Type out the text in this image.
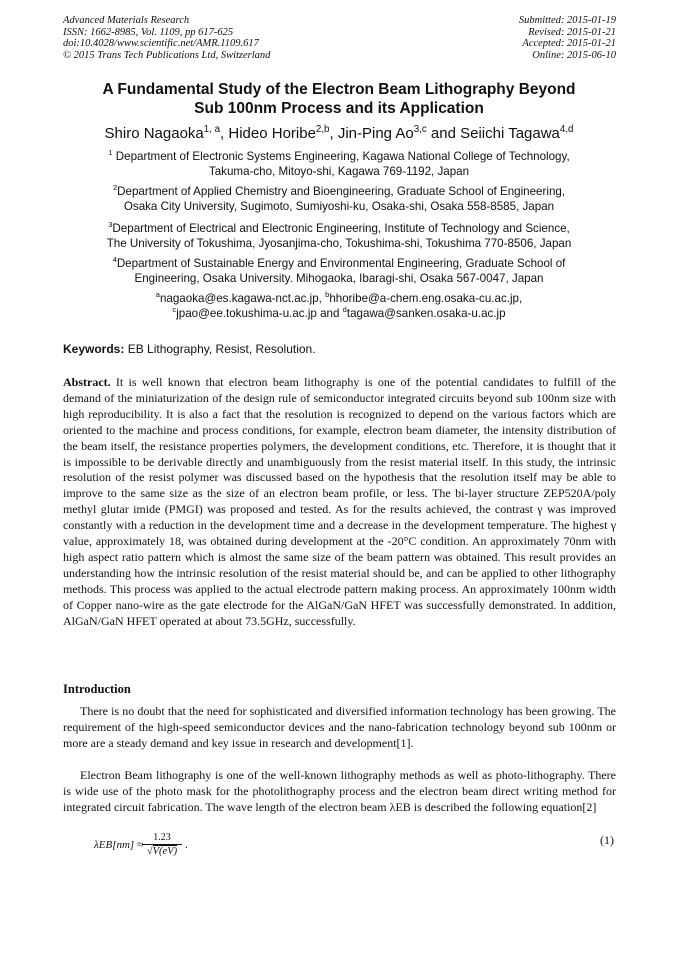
Advanced Materials Research
ISSN: 1662-8985, Vol. 1109, pp 617-625
doi:10.4028/www.scientific.net/AMR.1109.617
© 2015 Trans Tech Publications Ltd, Switzerland
Submitted: 2015-01-19
Revised: 2015-01-21
Accepted: 2015-01-21
Online: 2015-06-10
A Fundamental Study of the Electron Beam Lithography Beyond
Sub 100nm Process and its Application
Shiro Nagaoka$^{1, a}$, Hideo Horibe$^{2,b}$, Jin-Ping Ao$^{3,c}$ and Seiichi Tagawa$^{4,d}$
$^1$ Department of Electronic Systems Engineering, Kagawa National College of Technology,
Takuma-cho, Mitoyo-shi, Kagawa 769-1192, Japan
$^2$Department of Applied Chemistry and Bioengineering, Graduate School of Engineering,
Osaka City University, Sugimoto, Sumiyoshi-ku, Osaka-shi, Osaka 558-8585, Japan
$^3$Department of Electrical and Electronic Engineering, Institute of Technology and Science,
The University of Tokushima, Jyosanjima-cho, Tokushima-shi, Tokushima 770-8506, Japan
$^4$Department of Sustainable Energy and Environmental Engineering, Graduate School of
Engineering, Osaka University. Mihogaoka, Ibaragi-shi, Osaka 567-0047, Japan
$^a$nagaoka@es.kagawa-nct.ac.jp, $^b$hhoribe@a-chem.eng.osaka-cu.ac.jp,
$^c$jpao@ee.tokushima-u.ac.jp and $^d$tagawa@sanken.osaka-u.ac.jp
Keywords: EB Lithography, Resist, Resolution.

Abstract. It is well known that electron beam lithography is one of the potential candidates to fulfill of the demand of the miniaturization of the design rule of semiconductor integrated circuits beyond sub 100nm size with high reproducibility. It is also a fact that the resolution is recognized to depend on the various factors which are oriented to the machine and process conditions, for example, electron beam diameter, the intensity distribution of the beam itself, the resistance properties polymers, the development conditions, etc. Therefore, it is thought that it is impossible to be derivable directly and unambiguously from the resist material itself. In this study, the intrinsic resolution of the resist polymer was discussed based on the hypothesis that the resolution itself may be able to improve to the same size as the size of an electron beam profile, or less. The bi-layer structure ZEP520A/poly methyl glutar imide (PMGI) was proposed and tested. As for the results achieved, the contrast γ was improved constantly with a reduction in the development time and a decrease in the development temperature. The highest γ value, approximately 18, was obtained during development at the -20°C condition. An approximately 70nm with high aspect ratio pattern which is almost the same size of the beam pattern was obtained. This result provides an understanding how the intrinsic resolution of the resist material should be, and can be applied to other lithography methods. This process was applied to the actual electrode pattern making process. An approximately 100nm width of Copper nano-wire as the gate electrode for the AlGaN/GaN HFET was successfully demonstrated. In addition, AlGaN/GaN HFET operated at about 73.5GHz, successfully.

Introduction

There is no doubt that the need for sophisticated and diversified information technology has been growing. The requirement of the high-speed semiconductor devices and the nano-fabrication technology beyond sub 100nm or more are a steady demand and key issue in research and development[1].

Electron Beam lithography is one of the well-known lithography methods as well as photo-lithography. There is wide use of the photo mask for the photolithography process and the electron beam direct writing method for integrated circuit fabrication. The wave length of the electron beam λEB is described the following equation[2]

$\lambda EB[nm] \approx \frac{1.23}{√V(eV)}$ .	(1)
